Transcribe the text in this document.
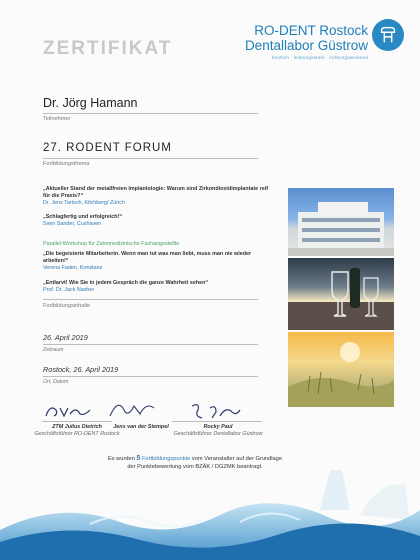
ZERTIFIKAT
RO-DENT Rostock
Dentallabor Güstrow
herzlich · leistungsstark · richtungsweisend
Dr. Jörg Hamann
Teilnehmer
27. RODENT FORUM
Fortbildungsthema
„Aktueller Stand der metallfreien Implantologie: Warum sind Zirkondioxidimplantate reif für die Praxis?“
Dr. Jens Tartsch, Kilchberg/ Zürich
„Schlagfertig und erfolgreich!“
Sven Sander, Cuxhaven
Parallel-Workshop für Zahnmedizinische Fachangestellte
„Die begeisterte Mitarbeiterin. Wenn man tut was man liebt, muss man nie wieder arbeiten!“
Verena Faden, Konstanz
„Entlarvt! Wie Sie in jedem Gespräch die ganze Wahrheit sehen“
Prof. Dr. Jack Nasher
Fortbildungsinhalte
26. April 2019
Zeitraum
Rostock, 26. April 2019
Ort, Datum
ZTM Julius Dietrich
Geschäftsführer RO-DENT Rostock
Jens van der Stempel	Rocky Paul
Geschäftsführer Dentallabor Güstrow
Es wurden 5 Fortbildungspunkte vom Veranstalter auf der Grundlage
der Punktebewertung vom BZÄK / DGZMK beantragt.
